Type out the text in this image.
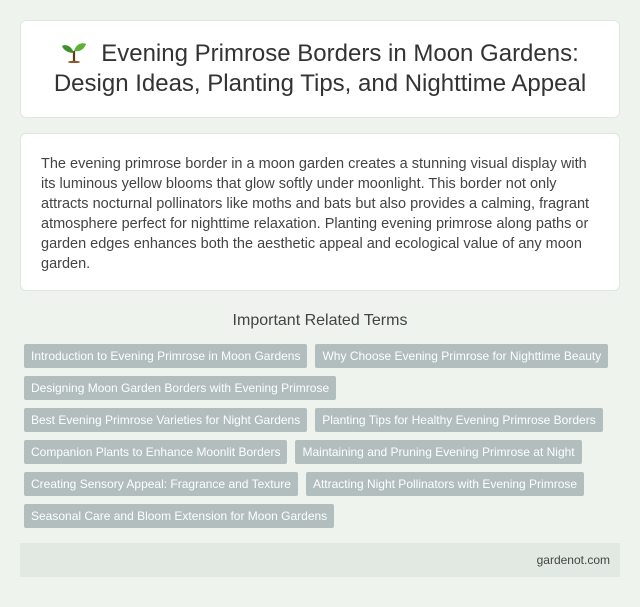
Evening Primrose Borders in Moon Gardens: Design Ideas, Planting Tips, and Nighttime Appeal

The evening primrose border in a moon garden creates a stunning visual display with its luminous yellow blooms that glow softly under moonlight. This border not only attracts nocturnal pollinators like moths and bats but also provides a calming, fragrant atmosphere perfect for nighttime relaxation. Planting evening primrose along paths or garden edges enhances both the aesthetic appeal and ecological value of any moon garden.

Important Related Terms
Introduction to Evening Primrose in Moon Gardens	Why Choose Evening Primrose for Nighttime Beauty
Designing Moon Garden Borders with Evening Primrose
Best Evening Primrose Varieties for Night Gardens	Planting Tips for Healthy Evening Primrose Borders
Companion Plants to Enhance Moonlit Borders	Maintaining and Pruning Evening Primrose at Night
Creating Sensory Appeal: Fragrance and Texture	Attracting Night Pollinators with Evening Primrose
Seasonal Care and Bloom Extension for Moon Gardens
gardenot.com
